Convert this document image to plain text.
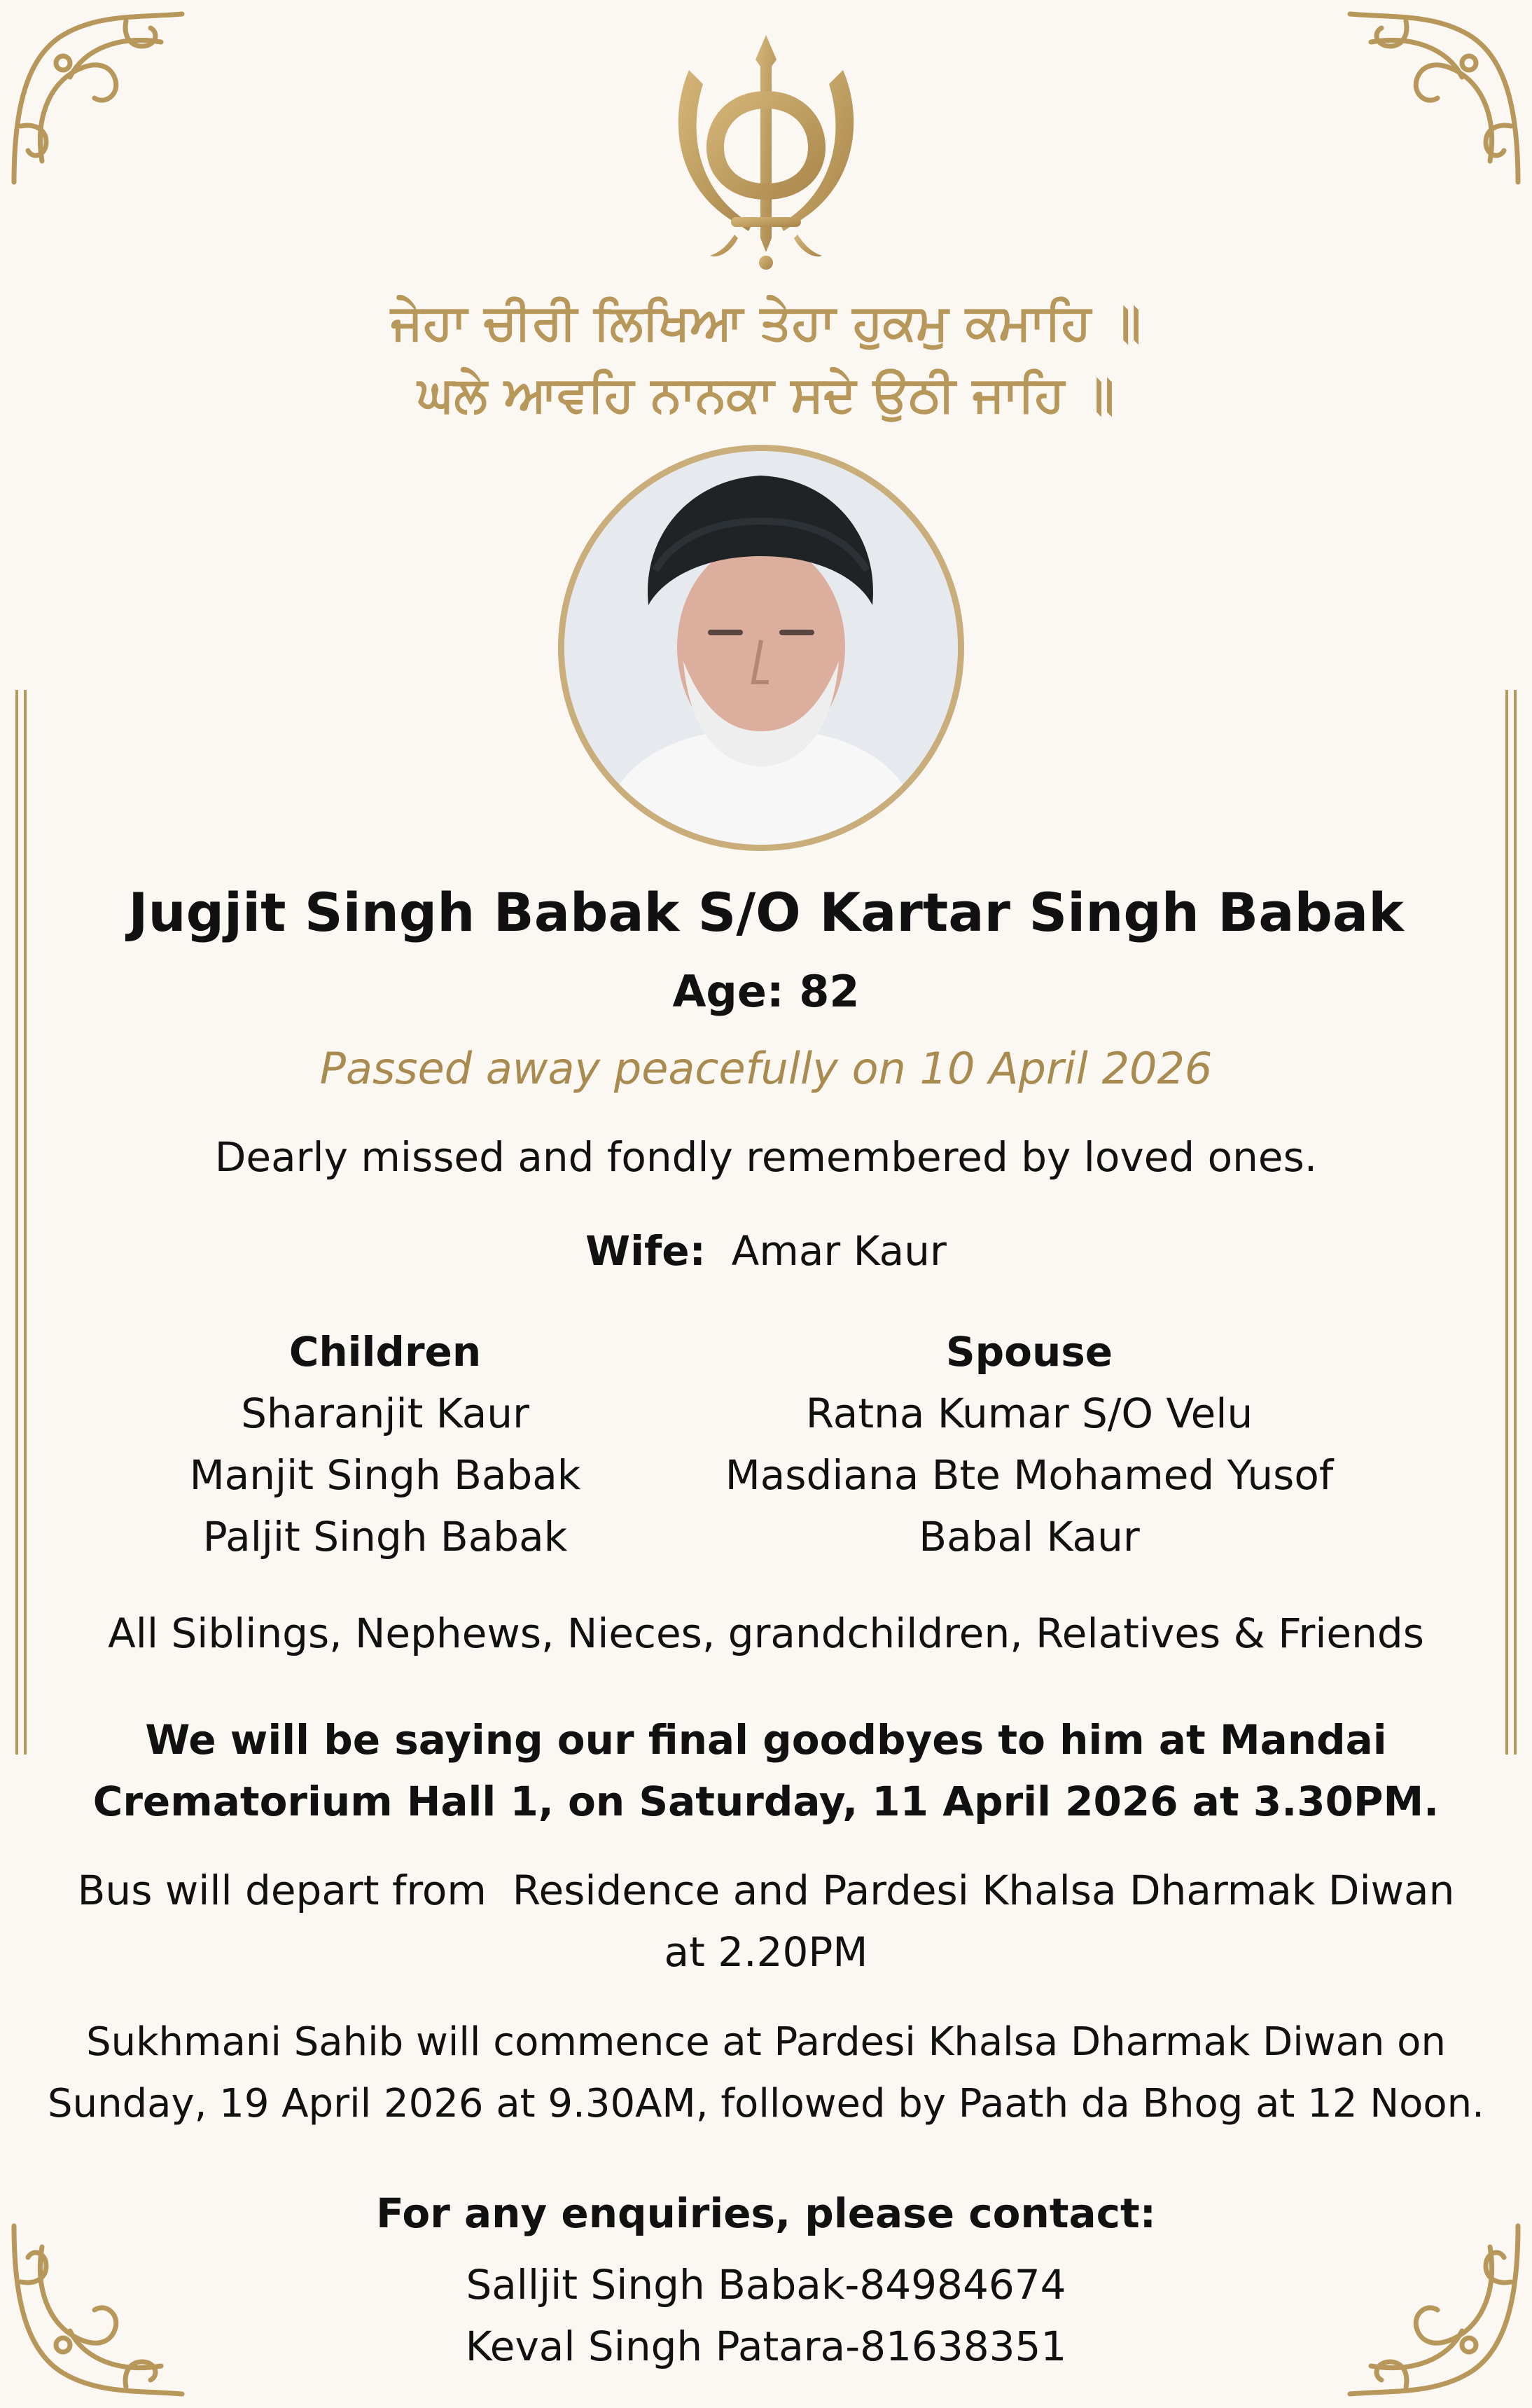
ਜੇਹਾ ਚੀਰੀ ਲਿਖਿਆ ਤੇਹਾ ਹੁਕਮੁ ਕਮਾਹਿ ॥
ਘਲੇ ਆਵਹਿ ਨਾਨਕਾ ਸਦੇ ਉਠੀ ਜਾਹਿ ॥
Jugjit Singh Babak S/O Kartar Singh Babak
Age: 82
Passed away peacefully on 10 April 2026
Dearly missed and fondly remembered by loved ones.
Wife: Amar Kaur
Children
Sharanjit Kaur
Manjit Singh Babak
Paljit Singh Babak
Spouse
Ratna Kumar S/O Velu
Masdiana Bte Mohamed Yusof
Babal Kaur
All Siblings, Nephews, Nieces, grandchildren, Relatives & Friends
We will be saying our final goodbyes to him at Mandai
Crematorium Hall 1, on Saturday, 11 April 2026 at 3.30PM.
Bus will depart from  Residence and Pardesi Khalsa Dharmak Diwan
at 2.20PM
Sukhmani Sahib will commence at Pardesi Khalsa Dharmak Diwan on
Sunday, 19 April 2026 at 9.30AM, followed by Paath da Bhog at 12 Noon.
For any enquiries, please contact:
Salljit Singh Babak-84984674
Keval Singh Patara-81638351
